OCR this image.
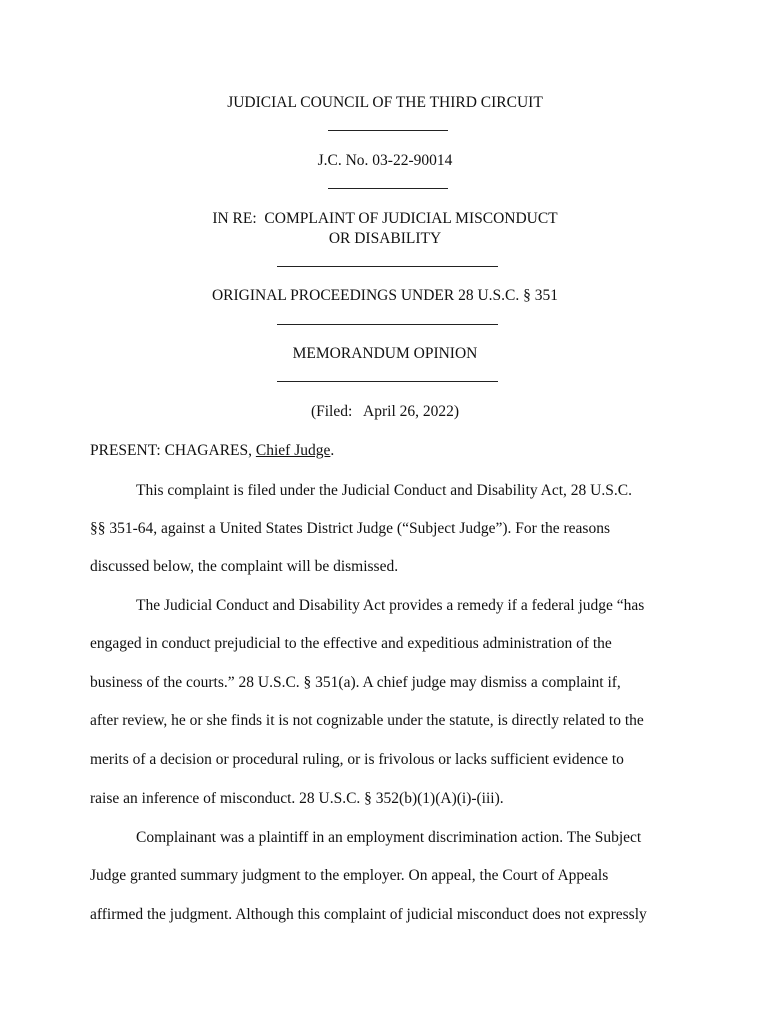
JUDICIAL COUNCIL OF THE THIRD CIRCUIT
J.C. No. 03-22-90014
IN RE:  COMPLAINT OF JUDICIAL MISCONDUCT
OR DISABILITY
ORIGINAL PROCEEDINGS UNDER 28 U.S.C. § 351
MEMORANDUM OPINION
(Filed:   April 26, 2022)
PRESENT: CHAGARES, Chief Judge.
This complaint is filed under the Judicial Conduct and Disability Act, 28 U.S.C.
§§ 351-64, against a United States District Judge (“Subject Judge”). For the reasons
discussed below, the complaint will be dismissed.
The Judicial Conduct and Disability Act provides a remedy if a federal judge “has
engaged in conduct prejudicial to the effective and expeditious administration of the
business of the courts.” 28 U.S.C. § 351(a). A chief judge may dismiss a complaint if,
after review, he or she finds it is not cognizable under the statute, is directly related to the
merits of a decision or procedural ruling, or is frivolous or lacks sufficient evidence to
raise an inference of misconduct. 28 U.S.C. § 352(b)(1)(A)(i)-(iii).
Complainant was a plaintiff in an employment discrimination action. The Subject
Judge granted summary judgment to the employer. On appeal, the Court of Appeals
affirmed the judgment. Although this complaint of judicial misconduct does not expressly
